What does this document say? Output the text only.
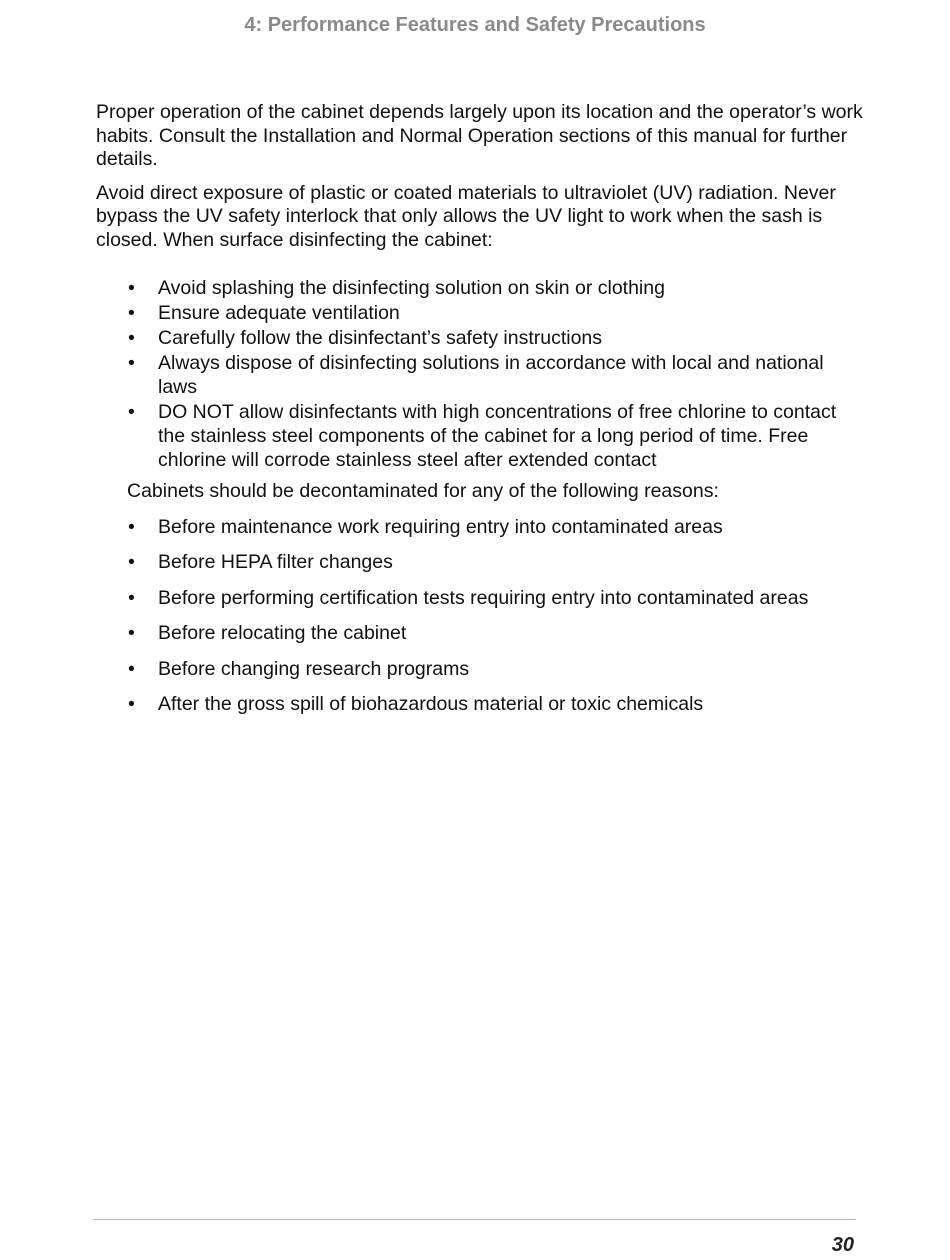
4: Performance Features and Safety Precautions

Proper operation of the cabinet depends largely upon its location and the operator’s work habits. Consult the Installation and Normal Operation sections of this manual for further details.

Avoid direct exposure of plastic or coated materials to ultraviolet (UV) radiation. Never bypass the UV safety interlock that only allows the UV light to work when the sash is closed. When surface disinfecting the cabinet:

• Avoid splashing the disinfecting solution on skin or clothing
• Ensure adequate ventilation
• Carefully follow the disinfectant’s safety instructions
• Always dispose of disinfecting solutions in accordance with local and national laws
• DO NOT allow disinfectants with high concentrations of free chlorine to contact the stainless steel components of the cabinet for a long period of time. Free chlorine will corrode stainless steel after extended contact

Cabinets should be decontaminated for any of the following reasons:

• Before maintenance work requiring entry into contaminated areas
• Before HEPA filter changes
• Before performing certification tests requiring entry into contaminated areas
• Before relocating the cabinet
• Before changing research programs
• After the gross spill of biohazardous material or toxic chemicals
30
